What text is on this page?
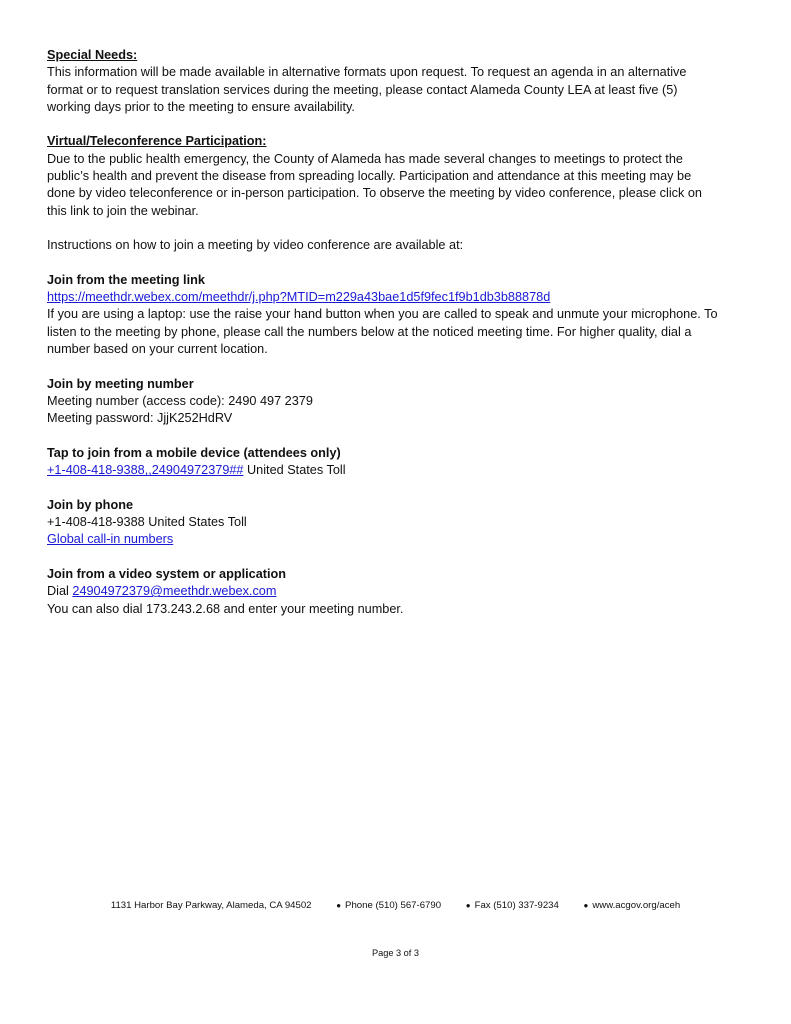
Special Needs:

This information will be made available in alternative formats upon request. To request an agenda in an alternative

format or to request translation services during the meeting, please contact Alameda County LEA at least five (5)

working days prior to the meeting to ensure availability.

Virtual/Teleconference Participation:

Due to the public health emergency, the County of Alameda has made several changes to meetings to protect the

public’s health and prevent the disease from spreading locally. Participation and attendance at this meeting may be

done by video teleconference or in-person participation. To observe the meeting by video conference, please click on

this link to join the webinar.

Instructions on how to join a meeting by video conference are available at:

Join from the meeting link

https://meethdr.webex.com/meethdr/j.php?MTID=m229a43bae1d5f9fec1f9b1db3b88878d

If you are using a laptop: use the raise your hand button when you are called to speak and unmute your microphone. To

listen to the meeting by phone, please call the numbers below at the noticed meeting time. For higher quality, dial a

number based on your current location.

Join by meeting number

Meeting number (access code): 2490 497 2379

Meeting password: JjjK252HdRV

Tap to join from a mobile device (attendees only)

+1-408-418-9388,,24904972379## United States Toll

Join by phone

+1-408-418-9388 United States Toll

Global call-in numbers

Join from a video system or application

Dial 24904972379@meethdr.webex.com

You can also dial 173.243.2.68 and enter your meeting number.

1131 Harbor Bay Parkway, Alameda, CA 94502	● Phone (510) 567-6790	● Fax (510) 337-9234	● www.acgov.org/aceh
Page 3 of 3
